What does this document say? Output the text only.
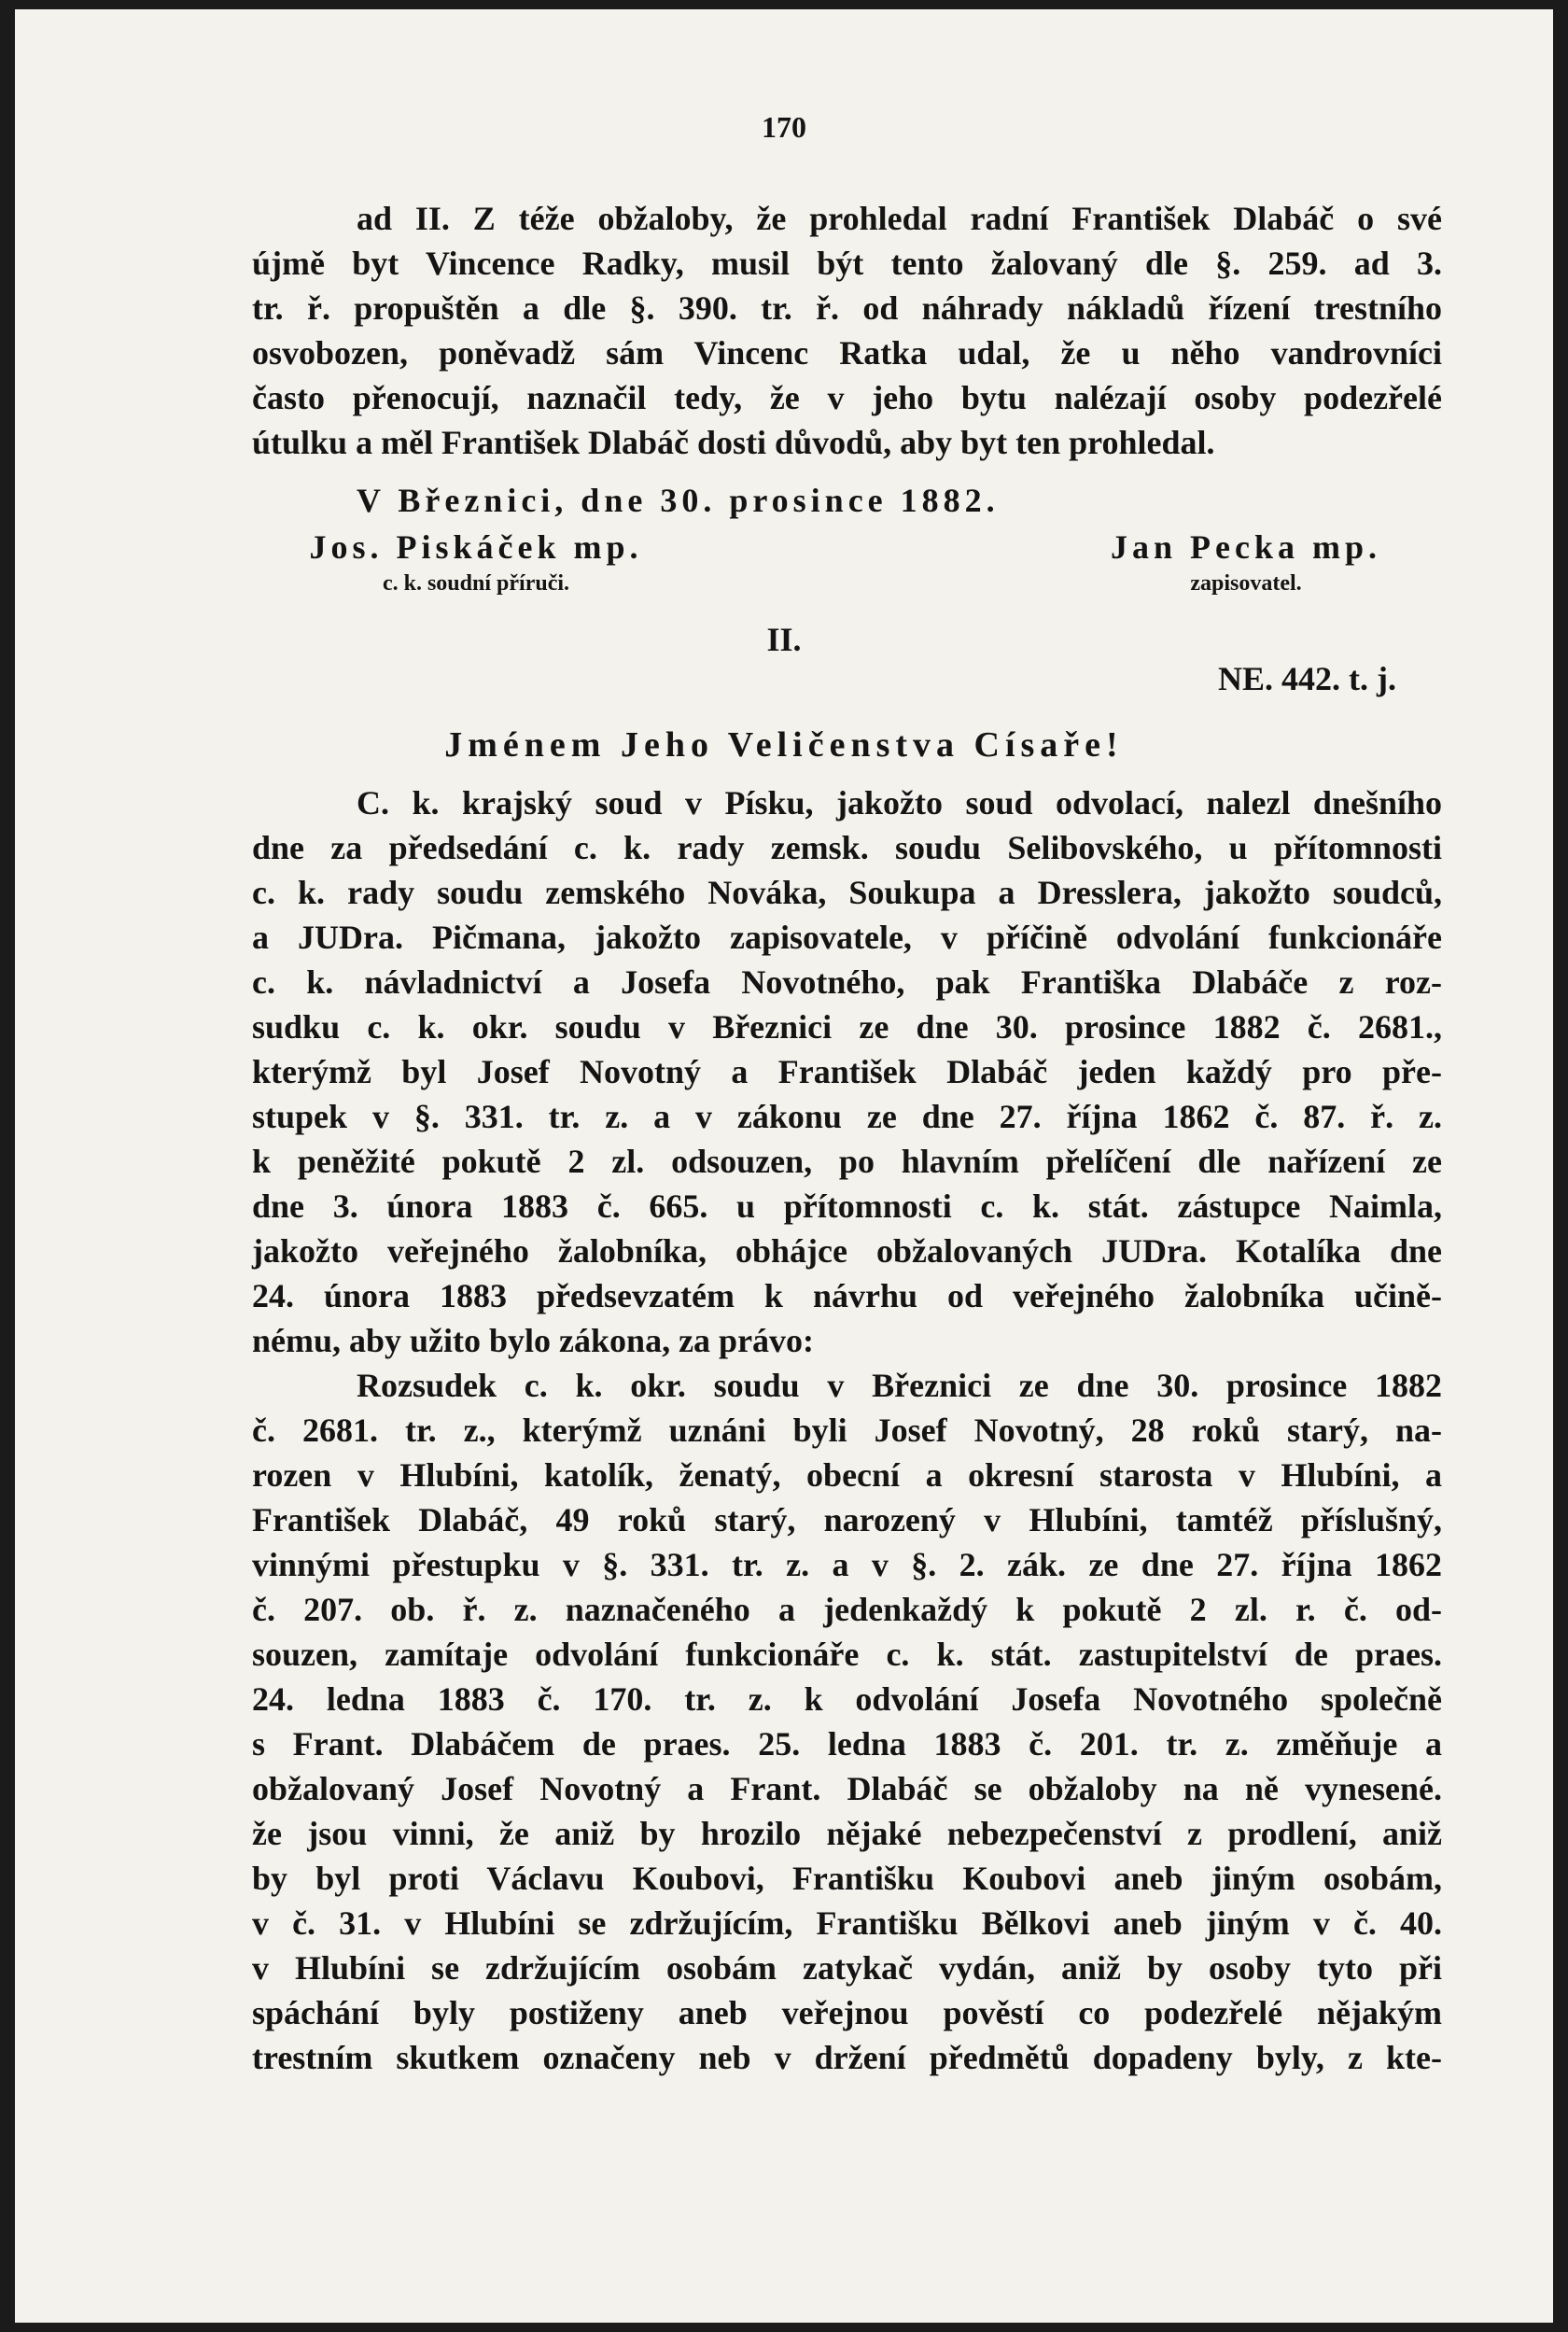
170
ad II. Z téže obžaloby, že prohledal radní František Dlabáč o své
újmě byt Vincence Radky, musil být tento žalovaný dle §. 259. ad 3.
tr. ř. propuštěn a dle §. 390. tr. ř. od náhrady nákladů řízení trestního
osvobozen, poněvadž sám Vincenc Ratka udal, že u něho vandrovníci
často přenocují, naznačil tedy, že v jeho bytu nalézají osoby podezřelé
útulku a měl František Dlabáč dosti důvodů, aby byt ten prohledal.
V Březnici, dne 30. prosince 1882.
Jos. Piskáček mp.
c. k. soudní příruči.
Jan Pecka mp.
zapisovatel.
II.
NE. 442. t. j.
Jménem Jeho Veličenstva Císaře!
C. k. krajský soud v Písku, jakožto soud odvolací, nalezl dnešního
dne za předsedání c. k. rady zemsk. soudu Selibovského, u přítomnosti
c. k. rady soudu zemského Nováka, Soukupa a Dresslera, jakožto soudců,
a JUDra. Pičmana, jakožto zapisovatele, v příčině odvolání funkcionáře
c. k. návladnictví a Josefa Novotného, pak Františka Dlabáče z roz-
sudku c. k. okr. soudu v Březnici ze dne 30. prosince 1882 č. 2681.,
kterýmž byl Josef Novotný a František Dlabáč jeden každý pro pře-
stupek v §. 331. tr. z. a v zákonu ze dne 27. října 1862 č. 87. ř. z.
k peněžité pokutě 2 zl. odsouzen, po hlavním přelíčení dle nařízení ze
dne 3. února 1883 č. 665. u přítomnosti c. k. stát. zástupce Naimla,
jakožto veřejného žalobníka, obhájce obžalovaných JUDra. Kotalíka dne
24. února 1883 předsevzatém k návrhu od veřejného žalobníka učině-
nému, aby užito bylo zákona, za právo:
Rozsudek c. k. okr. soudu v Březnici ze dne 30. prosince 1882
č. 2681. tr. z., kterýmž uznáni byli Josef Novotný, 28 roků starý, na-
rozen v Hlubíni, katolík, ženatý, obecní a okresní starosta v Hlubíni, a
František Dlabáč, 49 roků starý, narozený v Hlubíni, tamtéž příslušný,
vinnými přestupku v §. 331. tr. z. a v §. 2. zák. ze dne 27. října 1862
č. 207. ob. ř. z. naznačeného a jedenkaždý k pokutě 2 zl. r. č. od-
souzen, zamítaje odvolání funkcionáře c. k. stát. zastupitelství de praes.
24. ledna 1883 č. 170. tr. z. k odvolání Josefa Novotného společně
s Frant. Dlabáčem de praes. 25. ledna 1883 č. 201. tr. z. změňuje a
obžalovaný Josef Novotný a Frant. Dlabáč se obžaloby na ně vynesené.
že jsou vinni, že aniž by hrozilo nějaké nebezpečenství z prodlení, aniž
by byl proti Václavu Koubovi, Františku Koubovi aneb jiným osobám,
v č. 31. v Hlubíni se zdržujícím, Františku Bělkovi aneb jiným v č. 40.
v Hlubíni se zdržujícím osobám zatykač vydán, aniž by osoby tyto při
spáchání byly postiženy aneb veřejnou pověstí co podezřelé nějakým
trestním skutkem označeny neb v držení předmětů dopadeny byly, z kte-
